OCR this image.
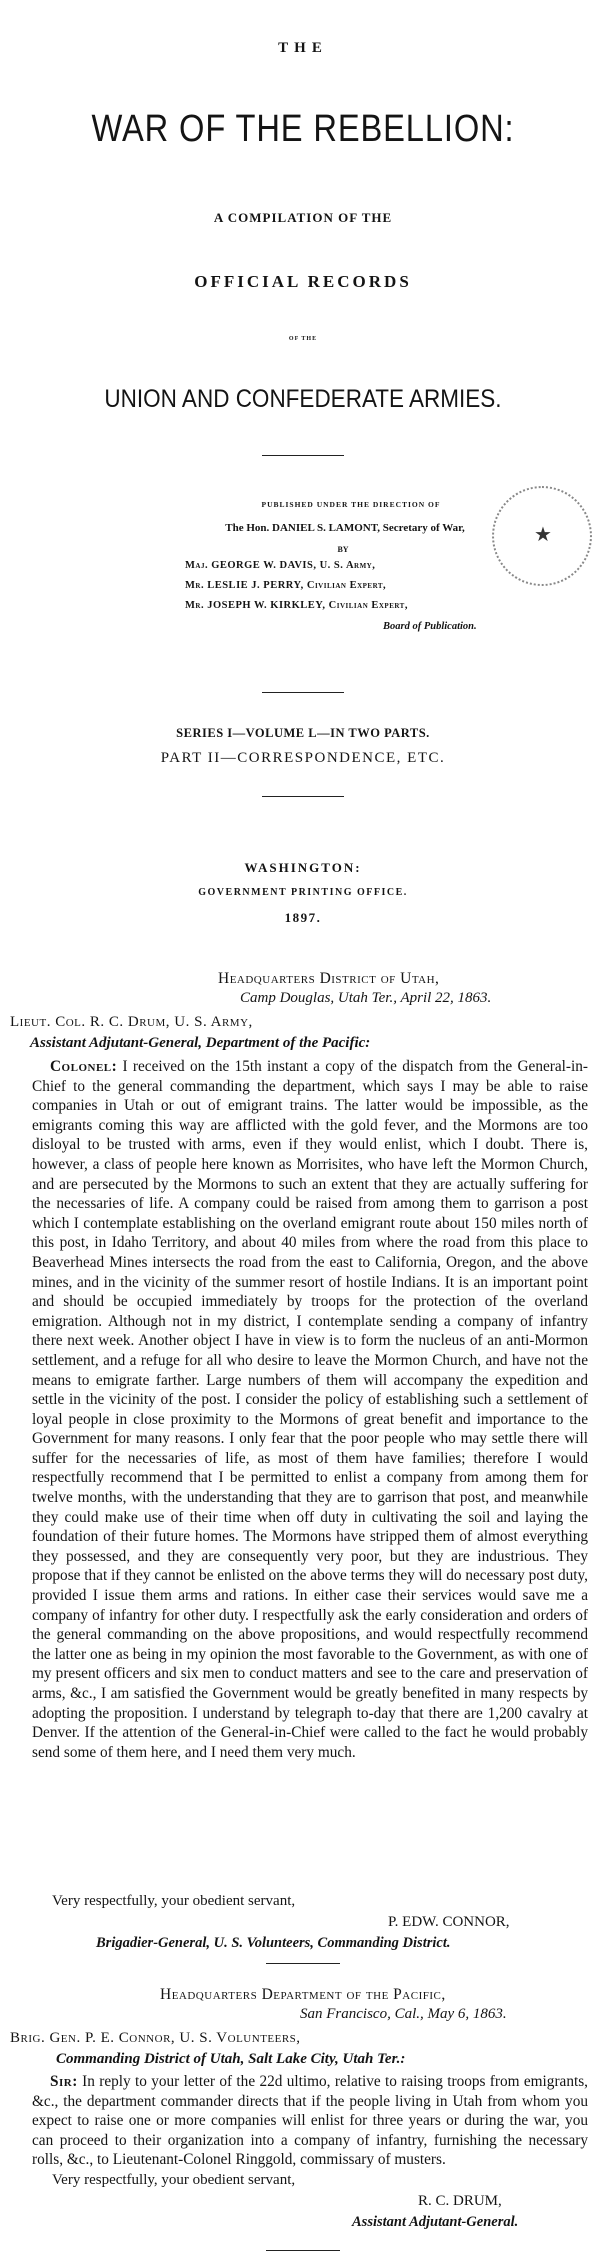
THE
WAR OF THE REBELLION:
A COMPILATION OF THE
OFFICIAL RECORDS
OF THE
UNION AND CONFEDERATE ARMIES.
PUBLISHED UNDER THE DIRECTION OF
The Hon. DANIEL S. LAMONT, Secretary of War,
BY
Maj. GEORGE W. DAVIS, U. S. Army,
Mr. LESLIE J. PERRY, Civilian Expert,
Mr. JOSEPH W. KIRKLEY, Civilian Expert,
Board of Publication.
★
SERIES I—VOLUME L—IN TWO PARTS.
PART II—CORRESPONDENCE, ETC.
WASHINGTON:
GOVERNMENT PRINTING OFFICE.
1897.
Headquarters District of Utah,
Camp Douglas, Utah Ter., April 22, 1863.
Lieut. Col. R. C. Drum, U. S. Army,
Assistant Adjutant-General, Department of the Pacific:

Colonel: I received on the 15th instant a copy of the dispatch from the General-in-Chief to the general commanding the department, which says I may be able to raise companies in Utah or out of emigrant trains. The latter would be impossible, as the emigrants coming this way are afflicted with the gold fever, and the Mormons are too disloyal to be trusted with arms, even if they would enlist, which I doubt. There is, however, a class of people here known as Morrisites, who have left the Mormon Church, and are persecuted by the Mormons to such an extent that they are actually suffering for the necessaries of life. A company could be raised from among them to garrison a post which I contemplate establishing on the overland emigrant route about 150 miles north of this post, in Idaho Territory, and about 40 miles from where the road from this place to Beaverhead Mines intersects the road from the east to California, Oregon, and the above mines, and in the vicinity of the summer resort of hostile Indians. It is an important point and should be occupied immediately by troops for the protection of the overland emigration. Although not in my district, I contemplate sending a company of infantry there next week. Another object I have in view is to form the nucleus of an anti-Mormon settlement, and a refuge for all who desire to leave the Mormon Church, and have not the means to emigrate farther. Large numbers of them will accompany the expedition and settle in the vicinity of the post. I consider the policy of establishing such a settlement of loyal people in close proximity to the Mormons of great benefit and importance to the Government for many reasons. I only fear that the poor people who may settle there will suffer for the necessaries of life, as most of them have families; therefore I would respectfully recommend that I be permitted to enlist a company from among them for twelve months, with the understanding that they are to garrison that post, and meanwhile they could make use of their time when off duty in cultivating the soil and laying the foundation of their future homes. The Mormons have stripped them of almost everything they possessed, and they are consequently very poor, but they are industrious. They propose that if they cannot be enlisted on the above terms they will do necessary post duty, provided I issue them arms and rations. In either case their services would save me a company of infantry for other duty. I respectfully ask the early consideration and orders of the general commanding on the above propositions, and would respectfully recommend the latter one as being in my opinion the most favorable to the Government, as with one of my present officers and six men to conduct matters and see to the care and preservation of arms, &c., I am satisfied the Government would be greatly benefited in many respects by adopting the proposition. I understand by telegraph to-day that there are 1,200 cavalry at Denver. If the attention of the General-in-Chief were called to the fact he would probably send some of them here, and I need them very much.

Very respectfully, your obedient servant,
P. EDW. CONNOR,
Brigadier-General, U. S. Volunteers, Commanding District.
Headquarters Department of the Pacific,
San Francisco, Cal., May 6, 1863.
Brig. Gen. P. E. Connor, U. S. Volunteers,
Commanding District of Utah, Salt Lake City, Utah Ter.:

Sir: In reply to your letter of the 22d ultimo, relative to raising troops from emigrants, &c., the department commander directs that if the people living in Utah from whom you expect to raise one or more companies will enlist for three years or during the war, you can proceed to their organization into a company of infantry, furnishing the necessary rolls, &c., to Lieutenant-Colonel Ringgold, commissary of musters.

Very respectfully, your obedient servant,
R. C. DRUM,
Assistant Adjutant-General.
